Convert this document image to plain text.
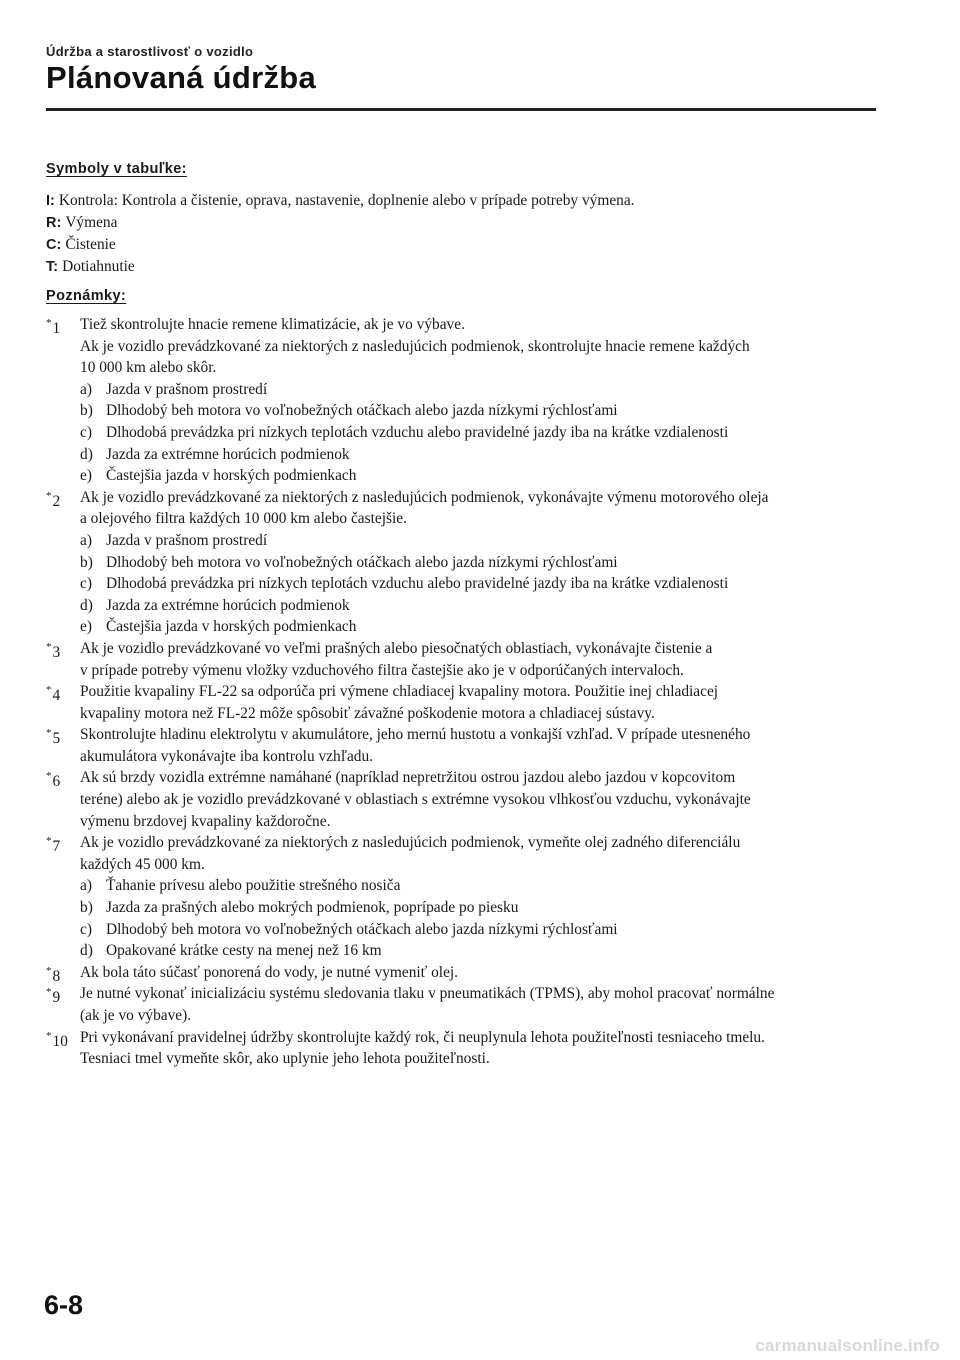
Údržba a starostlivosť o vozidlo
Plánovaná údržba
Symboly v tabuľke:
I: Kontrola: Kontrola a čistenie, oprava, nastavenie, doplnenie alebo v prípade potreby výmena.
R: Výmena
C: Čistenie
T: Dotiahnutie
Poznámky:
*1 Tiež skontrolujte hnacie remene klimatizácie, ak je vo výbave.
Ak je vozidlo prevádzkované za niektorých z nasledujúcich podmienok, skontrolujte hnacie remene každých
10 000 km alebo skôr.
a) Jazda v prašnom prostredí
b) Dlhodobý beh motora vo voľnobežných otáčkach alebo jazda nízkymi rýchlosťami
c) Dlhodobá prevádzka pri nízkych teplotách vzduchu alebo pravidelné jazdy iba na krátke vzdialenosti
d) Jazda za extrémne horúcich podmienok
e) Častejšia jazda v horských podmienkach
*2 Ak je vozidlo prevádzkované za niektorých z nasledujúcich podmienok, vykonávajte výmenu motorového oleja
a olejového filtra každých 10 000 km alebo častejšie.
a) Jazda v prašnom prostredí
b) Dlhodobý beh motora vo voľnobežných otáčkach alebo jazda nízkymi rýchlosťami
c) Dlhodobá prevádzka pri nízkych teplotách vzduchu alebo pravidelné jazdy iba na krátke vzdialenosti
d) Jazda za extrémne horúcich podmienok
e) Častejšia jazda v horských podmienkach
*3 Ak je vozidlo prevádzkované vo veľmi prašných alebo piesočnatých oblastiach, vykonávajte čistenie a
v prípade potreby výmenu vložky vzduchového filtra častejšie ako je v odporúčaných intervaloch.
*4 Použitie kvapaliny FL-22 sa odporúča pri výmene chladiacej kvapaliny motora. Použitie inej chladiacej
kvapaliny motora než FL-22 môže spôsobiť závažné poškodenie motora a chladiacej sústavy.
*5 Skontrolujte hladinu elektrolytu v akumulátore, jeho mernú hustotu a vonkajší vzhľad. V prípade utesneného
akumulátora vykonávajte iba kontrolu vzhľadu.
*6 Ak sú brzdy vozidla extrémne namáhané (napríklad nepretržitou ostrou jazdou alebo jazdou v kopcovitom
teréne) alebo ak je vozidlo prevádzkované v oblastiach s extrémne vysokou vlhkosťou vzduchu, vykonávajte
výmenu brzdovej kvapaliny každoročne.
*7 Ak je vozidlo prevádzkované za niektorých z nasledujúcich podmienok, vymeňte olej zadného diferenciálu
každých 45 000 km.
a) Ťahanie prívesu alebo použitie strešného nosiča
b) Jazda za prašných alebo mokrých podmienok, poprípade po piesku
c) Dlhodobý beh motora vo voľnobežných otáčkach alebo jazda nízkymi rýchlosťami
d) Opakované krátke cesty na menej než 16 km
*8 Ak bola táto súčasť ponorená do vody, je nutné vymeniť olej.
*9 Je nutné vykonať inicializáciu systému sledovania tlaku v pneumatikách (TPMS), aby mohol pracovať normálne
(ak je vo výbave).
*10 Pri vykonávaní pravidelnej údržby skontrolujte každý rok, či neuplynula lehota použiteľnosti tesniaceho tmelu.
Tesniaci tmel vymeňte skôr, ako uplynie jeho lehota použiteľnosti.
6-8
carmanualsonline.info
